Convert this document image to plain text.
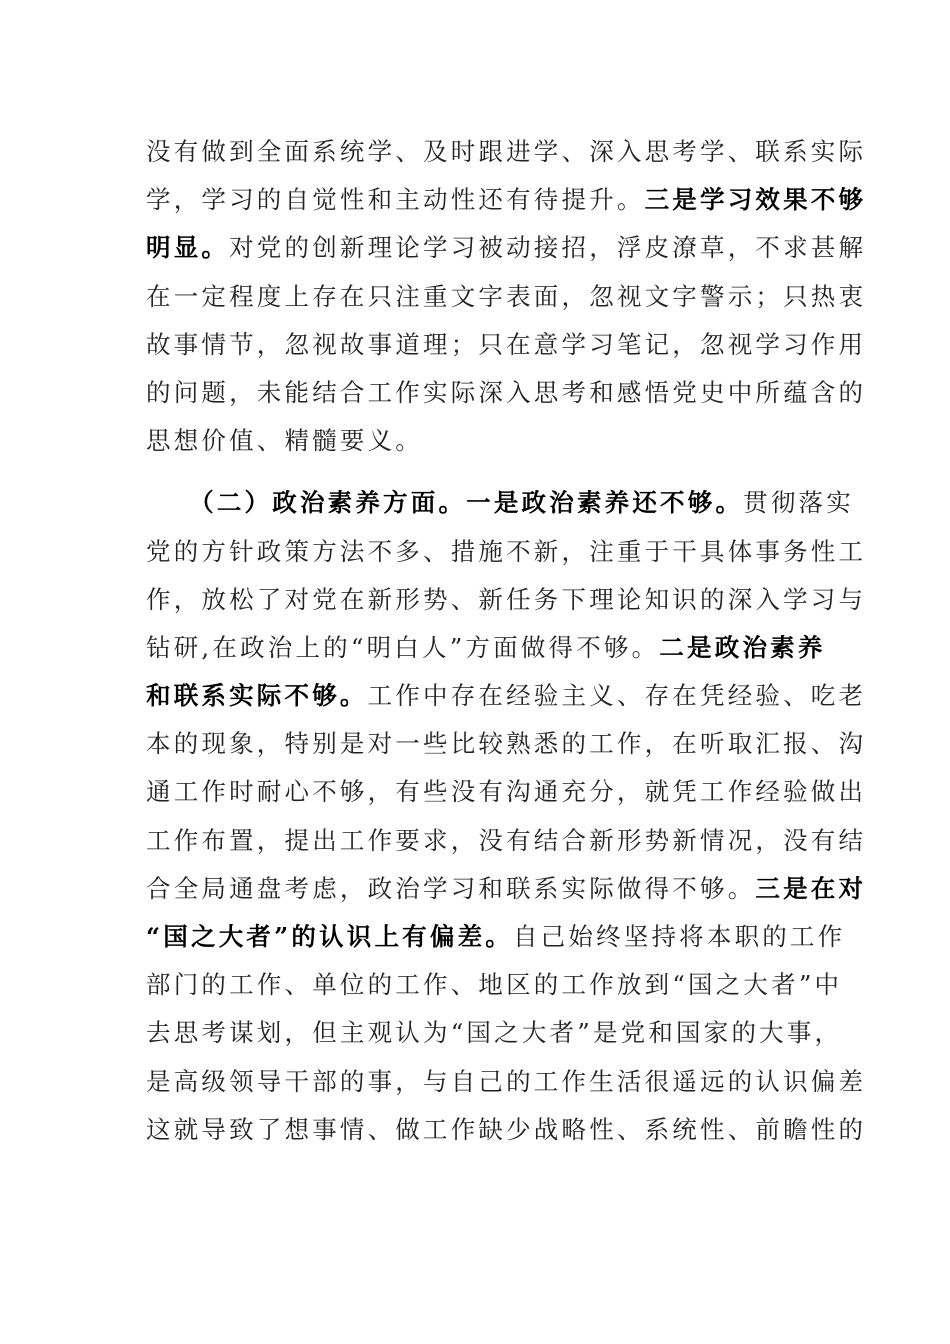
没有做到全面系统学、及时跟进学、深入思考学、联系实际
学，学习的自觉性和主动性还有待提升。三是学习效果不够
明显。对党的创新理论学习被动接招，浮皮潦草，不求甚解
在一定程度上存在只注重文字表面，忽视文字警示；只热衷
故事情节，忽视故事道理；只在意学习笔记，忽视学习作用
的问题，未能结合工作实际深入思考和感悟党史中所蕴含的
思想价值、精髓要义。
　　（二）政治素养方面。一是政治素养还不够。贯彻落实
党的方针政策方法不多、措施不新，注重于干具体事务性工
作，放松了对党在新形势、新任务下理论知识的深入学习与
钻研,在政治上的“明白人”方面做得不够。二是政治素养
和联系实际不够。工作中存在经验主义、存在凭经验、吃老
本的现象，特别是对一些比较熟悉的工作，在听取汇报、沟
通工作时耐心不够，有些没有沟通充分，就凭工作经验做出
工作布置，提出工作要求，没有结合新形势新情况，没有结
合全局通盘考虑，政治学习和联系实际做得不够。三是在对
“国之大者”的认识上有偏差。自己始终坚持将本职的工作
部门的工作、单位的工作、地区的工作放到“国之大者”中
去思考谋划，但主观认为“国之大者”是党和国家的大事，
是高级领导干部的事，与自己的工作生活很遥远的认识偏差
这就导致了想事情、做工作缺少战略性、系统性、前瞻性的
